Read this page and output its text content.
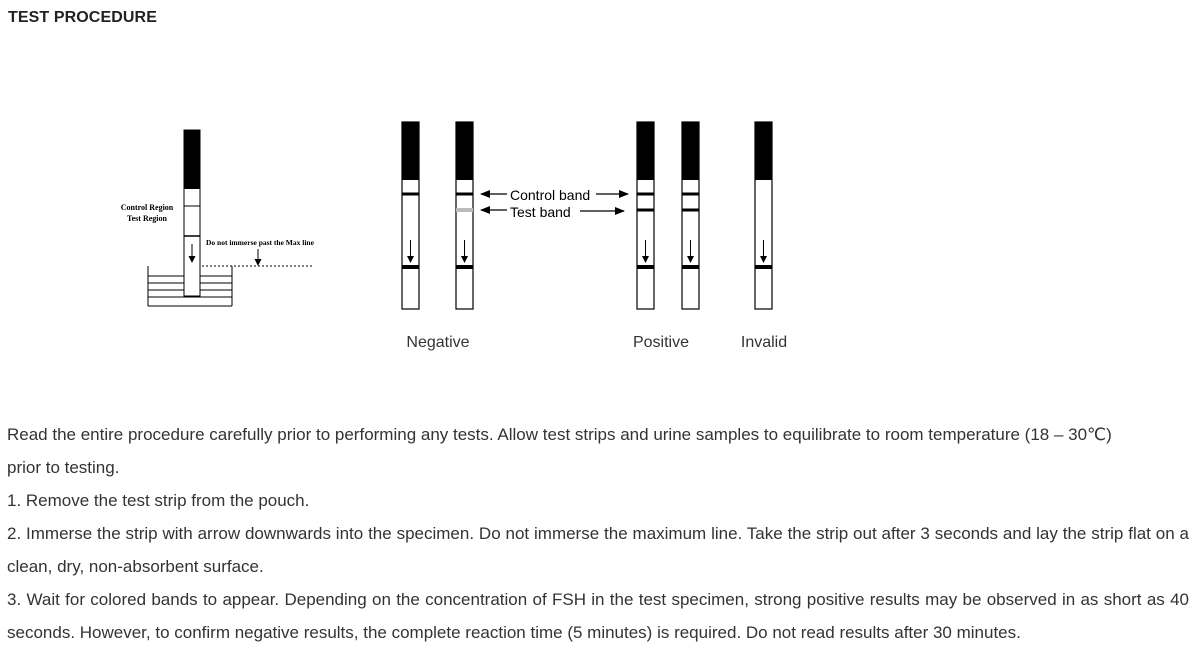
TEST PROCEDURE
Control Region
Test Region
Do not immerse past the Max line
Control band
Test band
Negative	Positive	Invalid

Read the entire procedure carefully prior to performing any tests. Allow test strips and urine samples to equilibrate to room temperature (18 – 30℃)

prior to testing.

1. Remove the test strip from the pouch.

2. Immerse the strip with arrow downwards into the specimen. Do not immerse the maximum line. Take the strip out after 3 seconds and lay the strip flat on a clean, dry, non-absorbent surface.

3. Wait for colored bands to appear. Depending on the concentration of FSH in the test specimen, strong positive results may be observed in as short as 40 seconds. However, to confirm negative results, the complete reaction time (5 minutes) is required. Do not read results after 30 minutes.
